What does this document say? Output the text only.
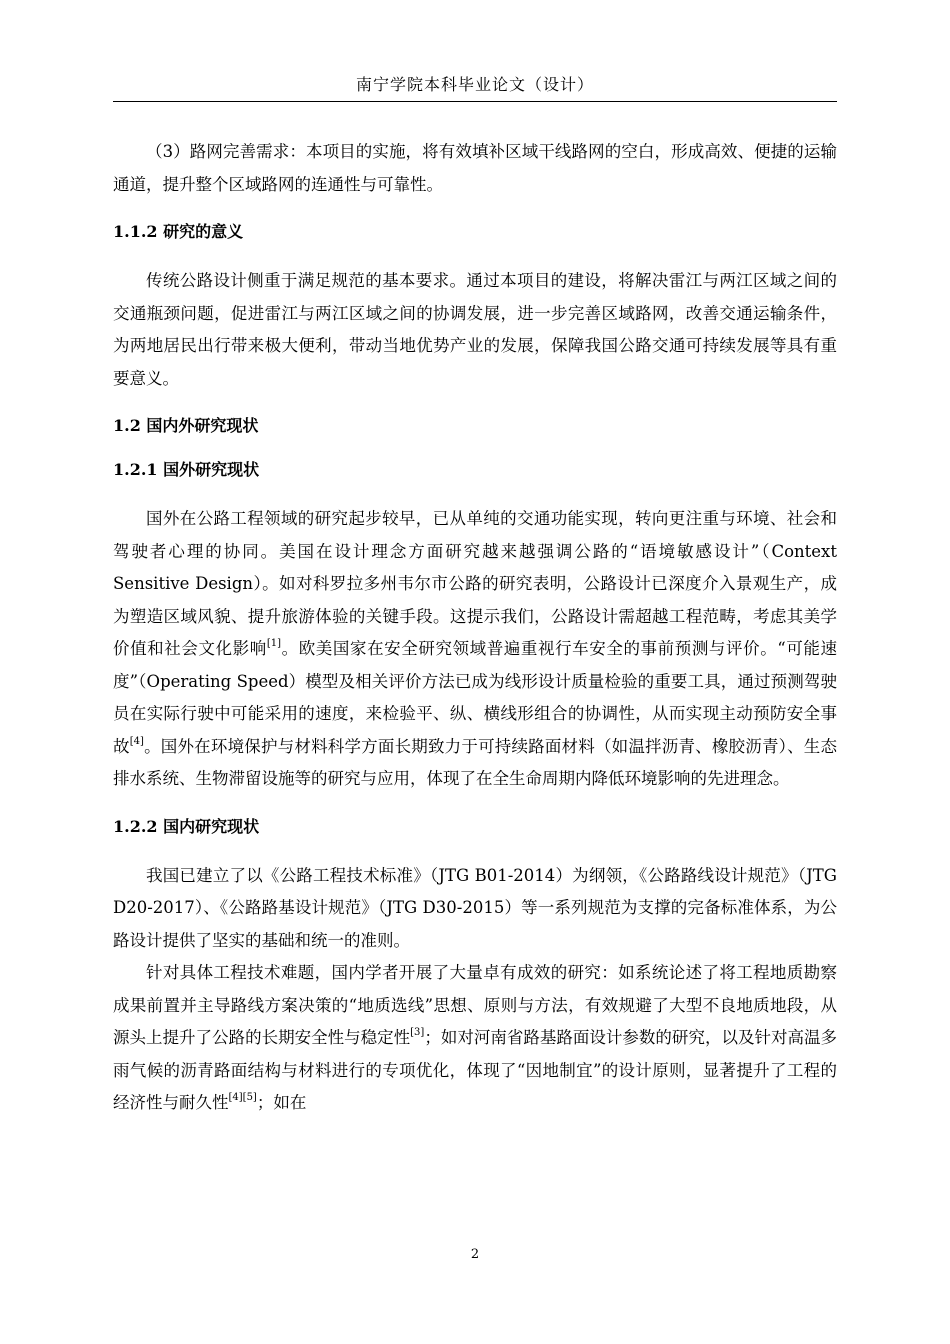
南宁学院本科毕业论文（设计）

（3）路网完善需求：本项目的实施，将有效填补区域干线路网的空白，形成高效、便捷的运输通道，提升整个区域路网的连通性与可靠性。

1.1.2 研究的意义

传统公路设计侧重于满足规范的基本要求。通过本项目的建设，将解决雷江与两江区域之间的交通瓶颈问题，促进雷江与两江区域之间的协调发展，进一步完善区域路网，改善交通运输条件，为两地居民出行带来极大便利，带动当地优势产业的发展，保障我国公路交通可持续发展等具有重要意义。

1.2 国内外研究现状
1.2.1 国外研究现状

国外在公路工程领域的研究起步较早，已从单纯的交通功能实现，转向更注重与环境、社会和驾驶者心理的协同。美国在设计理念方面研究越来越强调公路的“语境敏感设计”（Context Sensitive Design）。如对科罗拉多州韦尔市公路的研究表明，公路设计已深度介入景观生产，成为塑造区域风貌、提升旅游体验的关键手段。这提示我们，公路设计需超越工程范畴，考虑其美学价值和社会文化影响[1]。欧美国家在安全研究领域普遍重视行车安全的事前预测与评价。“可能速度”（Operating Speed）模型及相关评价方法已成为线形设计质量检验的重要工具，通过预测驾驶员在实际行驶中可能采用的速度，来检验平、纵、横线形组合的协调性，从而实现主动预防安全事故[4]。国外在环境保护与材料科学方面长期致力于可持续路面材料（如温拌沥青、橡胶沥青）、生态排水系统、生物滞留设施等的研究与应用，体现了在全生命周期内降低环境影响的先进理念。

1.2.2 国内研究现状

我国已建立了以《公路工程技术标准》（JTG B01-2014）为纲领，《公路路线设计规范》（JTG D20-2017）、《公路路基设计规范》（JTG D30-2015）等一系列规范为支撑的完备标准体系，为公路设计提供了坚实的基础和统一的准则。

针对具体工程技术难题，国内学者开展了大量卓有成效的研究：如系统论述了将工程地质勘察成果前置并主导路线方案决策的“地质选线”思想、原则与方法，有效规避了大型不良地质地段，从源头上提升了公路的长期安全性与稳定性[3]；如对河南省路基路面设计参数的研究，以及针对高温多雨气候的沥青路面结构与材料进行的专项优化，体现了“因地制宜”的设计原则，显著提升了工程的经济性与耐久性[4][5]；如在

2
